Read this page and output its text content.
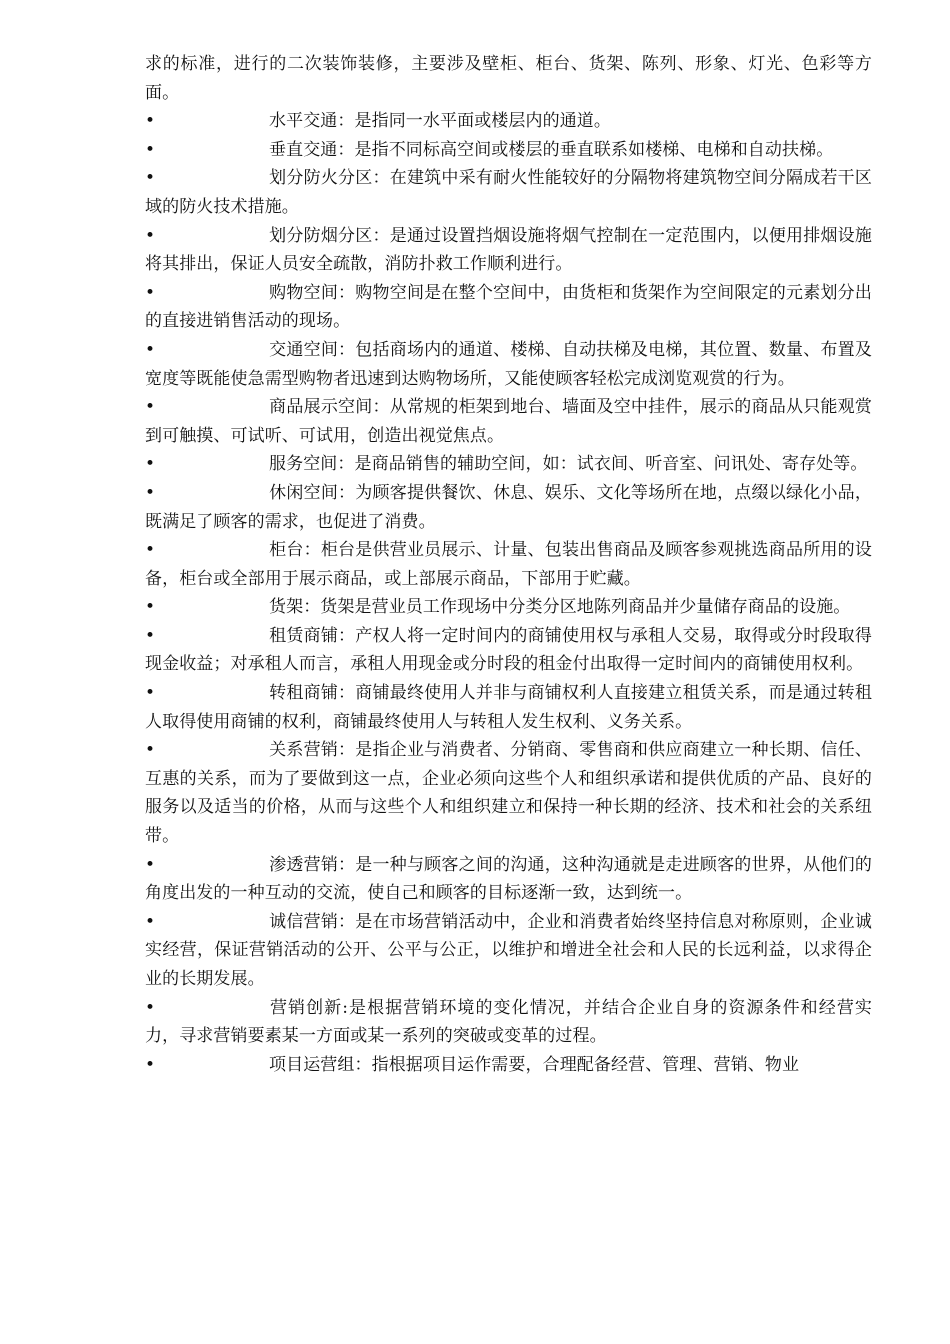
求的标准，进行的二次装饰装修，主要涉及壁柜、柜台、货架、陈列、形象、灯光、色彩等方面。

•	水平交通：是指同一水平面或楼层内的通道。

•	垂直交通：是指不同标高空间或楼层的垂直联系如楼梯、电梯和自动扶梯。

•	划分防火分区：在建筑中采有耐火性能较好的分隔物将建筑物空间分隔成若干区域的防火技术措施。

•	划分防烟分区：是通过设置挡烟设施将烟气控制在一定范围内，以便用排烟设施将其排出，保证人员安全疏散，消防扑救工作顺利进行。

•	购物空间：购物空间是在整个空间中，由货柜和货架作为空间限定的元素划分出的直接进销售活动的现场。

•	交通空间：包括商场内的通道、楼梯、自动扶梯及电梯，其位置、数量、布置及宽度等既能使急需型购物者迅速到达购物场所，又能使顾客轻松完成浏览观赏的行为。

•	商品展示空间：从常规的柜架到地台、墙面及空中挂件，展示的商品从只能观赏到可触摸、可试听、可试用，创造出视觉焦点。

•	服务空间：是商品销售的辅助空间，如：试衣间、听音室、问讯处、寄存处等。

•	休闲空间：为顾客提供餐饮、休息、娱乐、文化等场所在地，点缀以绿化小品，既满足了顾客的需求，也促进了消费。

•	柜台：柜台是供营业员展示、计量、包装出售商品及顾客参观挑选商品所用的设备，柜台或全部用于展示商品，或上部展示商品，下部用于贮藏。

•	货架：货架是营业员工作现场中分类分区地陈列商品并少量储存商品的设施。

•	租赁商铺：产权人将一定时间内的商铺使用权与承租人交易，取得或分时段取得现金收益；对承租人而言，承租人用现金或分时段的租金付出取得一定时间内的商铺使用权利。

•	转租商铺：商铺最终使用人并非与商铺权利人直接建立租赁关系，而是通过转租人取得使用商铺的权利，商铺最终使用人与转租人发生权利、义务关系。

•	关系营销：是指企业与消费者、分销商、零售商和供应商建立一种长期、信任、互惠的关系，而为了要做到这一点，企业必须向这些个人和组织承诺和提供优质的产品、良好的服务以及适当的价格，从而与这些个人和组织建立和保持一种长期的经济、技术和社会的关系纽带。

•	渗透营销：是一种与顾客之间的沟通，这种沟通就是走进顾客的世界，从他们的角度出发的一种互动的交流，使自己和顾客的目标逐渐一致，达到统一。

•	诚信营销：是在市场营销活动中，企业和消费者始终坚持信息对称原则，企业诚实经营，保证营销活动的公开、公平与公正，以维护和增进全社会和人民的长远利益，以求得企业的长期发展。

•	营销创新:是根据营销环境的变化情况，并结合企业自身的资源条件和经营实力，寻求营销要素某一方面或某一系列的突破或变革的过程。

•	项目运营组：指根据项目运作需要，合理配备经营、管理、营销、物业
